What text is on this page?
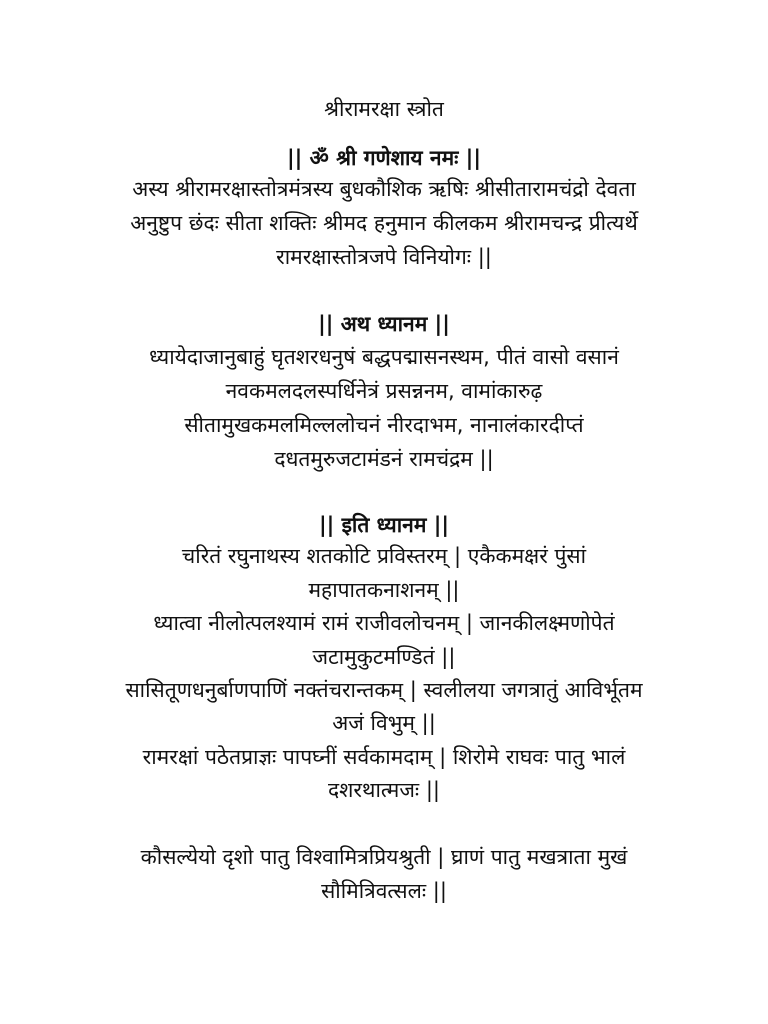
श्रीरामरक्षा स्त्रोत
|| ॐ श्री गणेशाय नमः ||
अस्य श्रीरामरक्षास्तोत्रमंत्रस्य बुधकौशिक ऋषिः श्रीसीतारामचंद्रो देवता
अनुष्टुप छंदः सीता शक्तिः श्रीमद हनुमान कीलकम श्रीरामचन्द्र प्रीत्यर्थे
रामरक्षास्तोत्रजपे विनियोगः ||
|| अथ ध्यानम ||
ध्यायेदाजानुबाहुं घृतशरधनुषं बद्धपद्मासनस्थम, पीतं वासो वसानं
नवकमलदलस्पर्धिनेत्रं प्रसन्ननम, वामांकारुढ़
सीतामुखकमलमिल्ललोचनं नीरदाभम, नानालंकारदीप्तं
दधतमुरुजटामंडनं रामचंद्रम ||
|| इति ध्यानम ||
चरितं रघुनाथस्य शतकोटि प्रविस्तरम् | एकैकमक्षरं पुंसां
महापातकनाशनम् ||
ध्यात्वा नीलोत्पलश्यामं रामं राजीवलोचनम् | जानकीलक्ष्मणोपेतं
जटामुकुटमण्डितं ||
सासितूणधनुर्बाणपाणिं नक्तंचरान्तकम् | स्वलीलया जगत्रातुं आविर्भूतम
अजं विभुम् ||
रामरक्षां पठेतप्राज्ञः पापघ्नीं सर्वकामदाम् | शिरोमे राघवः पातु भालं
दशरथात्मजः ||
कौसल्येयो दृशो पातु विश्वामित्रप्रियश्रुती | घ्राणं पातु मखत्राता मुखं
सौमित्रिवत्सलः ||
